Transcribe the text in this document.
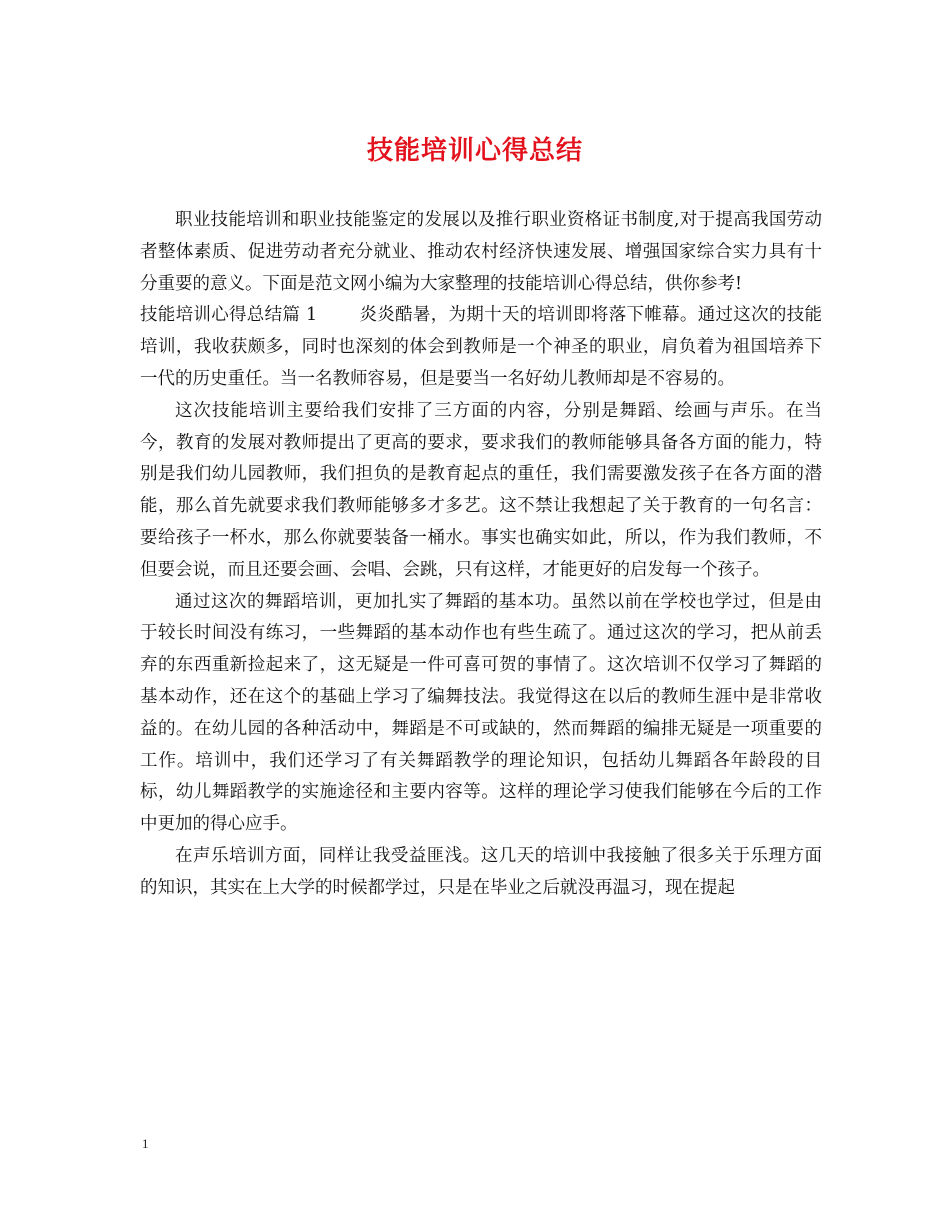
技能培训心得总结

职业技能培训和职业技能鉴定的发展以及推行职业资格证书制度,对于提高我国劳动者整体素质、促进劳动者充分就业、推动农村经济快速发展、增强国家综合实力具有十分重要的意义。下面是范文网小编为大家整理的技能培训心得总结，供你参考!

技能培训心得总结篇 1 炎炎酷暑，为期十天的培训即将落下帷幕。通过这次的技能培训，我收获颇多，同时也深刻的体会到教师是一个神圣的职业，肩负着为祖国培养下一代的历史重任。当一名教师容易，但是要当一名好幼儿教师却是不容易的。

这次技能培训主要给我们安排了三方面的内容，分别是舞蹈、绘画与声乐。在当今，教育的发展对教师提出了更高的要求，要求我们的教师能够具备各方面的能力，特别是我们幼儿园教师，我们担负的是教育起点的重任，我们需要激发孩子在各方面的潜能，那么首先就要求我们教师能够多才多艺。这不禁让我想起了关于教育的一句名言：要给孩子一杯水，那么你就要装备一桶水。事实也确实如此，所以，作为我们教师，不但要会说，而且还要会画、会唱、会跳，只有这样，才能更好的启发每一个孩子。

通过这次的舞蹈培训，更加扎实了舞蹈的基本功。虽然以前在学校也学过，但是由于较长时间没有练习，一些舞蹈的基本动作也有些生疏了。通过这次的学习，把从前丢弃的东西重新捡起来了，这无疑是一件可喜可贺的事情了。这次培训不仅学习了舞蹈的基本动作，还在这个的基础上学习了编舞技法。我觉得这在以后的教师生涯中是非常收益的。在幼儿园的各种活动中，舞蹈是不可或缺的，然而舞蹈的编排无疑是一项重要的工作。培训中，我们还学习了有关舞蹈教学的理论知识，包括幼儿舞蹈各年龄段的目标，幼儿舞蹈教学的实施途径和主要内容等。这样的理论学习使我们能够在今后的工作中更加的得心应手。

在声乐培训方面，同样让我受益匪浅。这几天的培训中我接触了很多关于乐理方面的知识，其实在上大学的时候都学过，只是在毕业之后就没再温习，现在提起

1
